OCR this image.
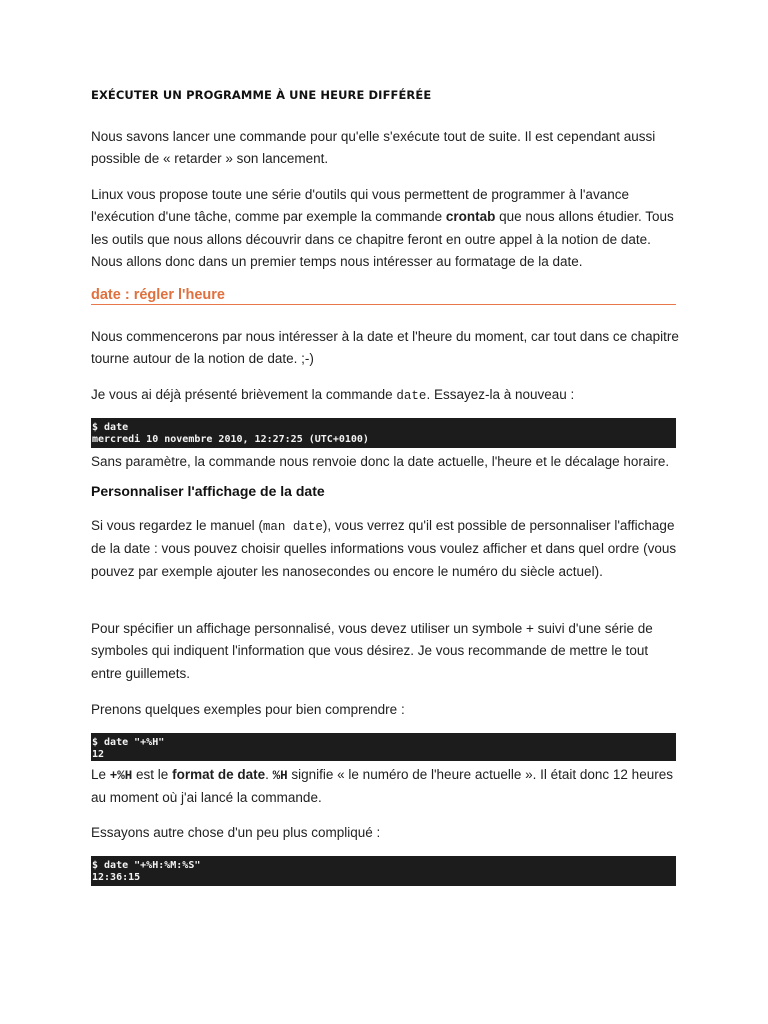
EXÉCUTER UN PROGRAMME À UNE HEURE DIFFÉRÉE

Nous savons lancer une commande pour qu'elle s'exécute tout de suite. Il est cependant aussi possible de « retarder » son lancement.

Linux vous propose toute une série d'outils qui vous permettent de programmer à l'avance l'exécution d'une tâche, comme par exemple la commande crontab que nous allons étudier. Tous les outils que nous allons découvrir dans ce chapitre feront en outre appel à la notion de date. Nous allons donc dans un premier temps nous intéresser au formatage de la date.

date : régler l'heure

Nous commencerons par nous intéresser à la date et l'heure du moment, car tout dans ce chapitre tourne autour de la notion de date. ;-)

Je vous ai déjà présenté brièvement la commande date. Essayez-la à nouveau :

$ date
mercredi 10 novembre 2010, 12:27:25 (UTC+0100)

Sans paramètre, la commande nous renvoie donc la date actuelle, l'heure et le décalage horaire.

Personnaliser l'affichage de la date

Si vous regardez le manuel (man date), vous verrez qu'il est possible de personnaliser l'affichage de la date : vous pouvez choisir quelles informations vous voulez afficher et dans quel ordre (vous pouvez par exemple ajouter les nanosecondes ou encore le numéro du siècle actuel).

Pour spécifier un affichage personnalisé, vous devez utiliser un symbole + suivi d'une série de symboles qui indiquent l'information que vous désirez. Je vous recommande de mettre le tout entre guillemets.

Prenons quelques exemples pour bien comprendre :

$ date "+%H"
12

Le +%H est le format de date. %H signifie « le numéro de l'heure actuelle ». Il était donc 12 heures au moment où j'ai lancé la commande.

Essayons autre chose d'un peu plus compliqué :

$ date "+%H:%M:%S"
12:36:15
